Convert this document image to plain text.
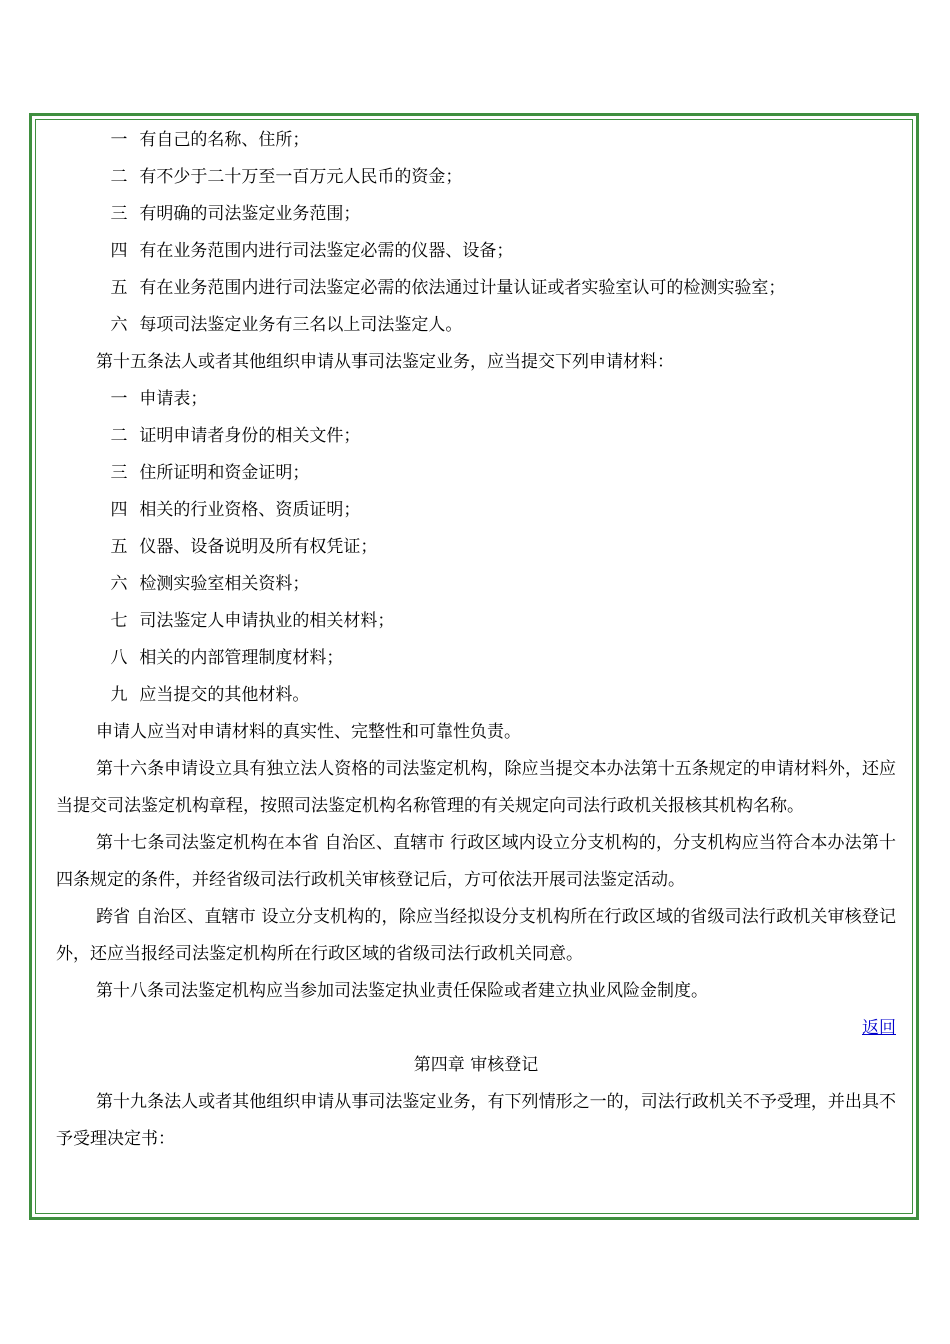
一 有自己的名称、住所；
二 有不少于二十万至一百万元人民币的资金；
三 有明确的司法鉴定业务范围；
四 有在业务范围内进行司法鉴定必需的仪器、设备；
五 有在业务范围内进行司法鉴定必需的依法通过计量认证或者实验室认可的检测实验室；
六 每项司法鉴定业务有三名以上司法鉴定人。
第十五条法人或者其他组织申请从事司法鉴定业务，应当提交下列申请材料：
一 申请表；
二 证明申请者身份的相关文件；
三 住所证明和资金证明；
四 相关的行业资格、资质证明；
五 仪器、设备说明及所有权凭证；
六 检测实验室相关资料；
七 司法鉴定人申请执业的相关材料；
八 相关的内部管理制度材料；
九 应当提交的其他材料。
申请人应当对申请材料的真实性、完整性和可靠性负责。
第十六条申请设立具有独立法人资格的司法鉴定机构，除应当提交本办法第十五条规定的申请材料外，还应当提交司法鉴定机构章程，按照司法鉴定机构名称管理的有关规定向司法行政机关报核其机构名称。
第十七条司法鉴定机构在本省 自治区、直辖市 行政区域内设立分支机构的，分支机构应当符合本办法第十四条规定的条件，并经省级司法行政机关审核登记后，方可依法开展司法鉴定活动。
跨省 自治区、直辖市 设立分支机构的，除应当经拟设分支机构所在行政区域的省级司法行政机关审核登记外，还应当报经司法鉴定机构所在行政区域的省级司法行政机关同意。
第十八条司法鉴定机构应当参加司法鉴定执业责任保险或者建立执业风险金制度。
返回
第四章 审核登记
第十九条法人或者其他组织申请从事司法鉴定业务，有下列情形之一的，司法行政机关不予受理，并出具不予受理决定书：
